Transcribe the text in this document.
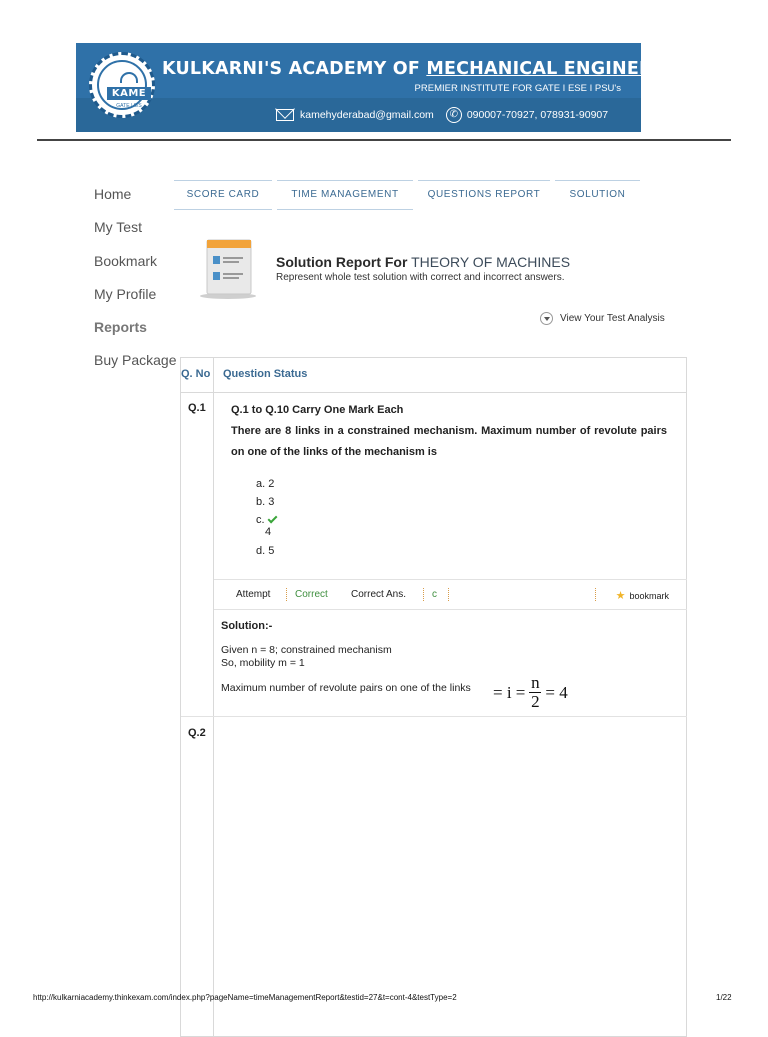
KAME
GATE | IES
KULKARNI'S ACADEMY OF MECHANICAL ENGINEERING
PREMIER INSTITUTE FOR GATE I ESE I PSU's
kamehyderabad@gmail.com	✆ 090007-70927, 078931-90907
Home
My Test
Bookmark
My Profile
Reports
Buy Package
SCORE CARD	TIME MANAGEMENT	QUESTIONS REPORT	SOLUTION
Solution Report For THEORY OF MACHINES
Represent whole test solution with correct and incorrect answers.
View Your Test Analysis
Q. No Question Status
Q.1 Q.1 to Q.10 Carry One Mark Each
There are 8 links in a constrained mechanism. Maximum number of revolute pairs on one of the links of the mechanism is
a. 2
b. 3
c.
4
d. 5
Attempt Correct Correct Ans.	c	★ bookmark
Solution:-
Given n = 8; constrained mechanism
So, mobility m = 1
Maximum number of revolute pairs on one of the links = $i = \frac{n}{2} = 4$
Q.2
http://kulkarniacademy.thinkexam.com/index.php?pageName=timeManagementReport&testid=27&t=cont-4&testType=2	1/22
